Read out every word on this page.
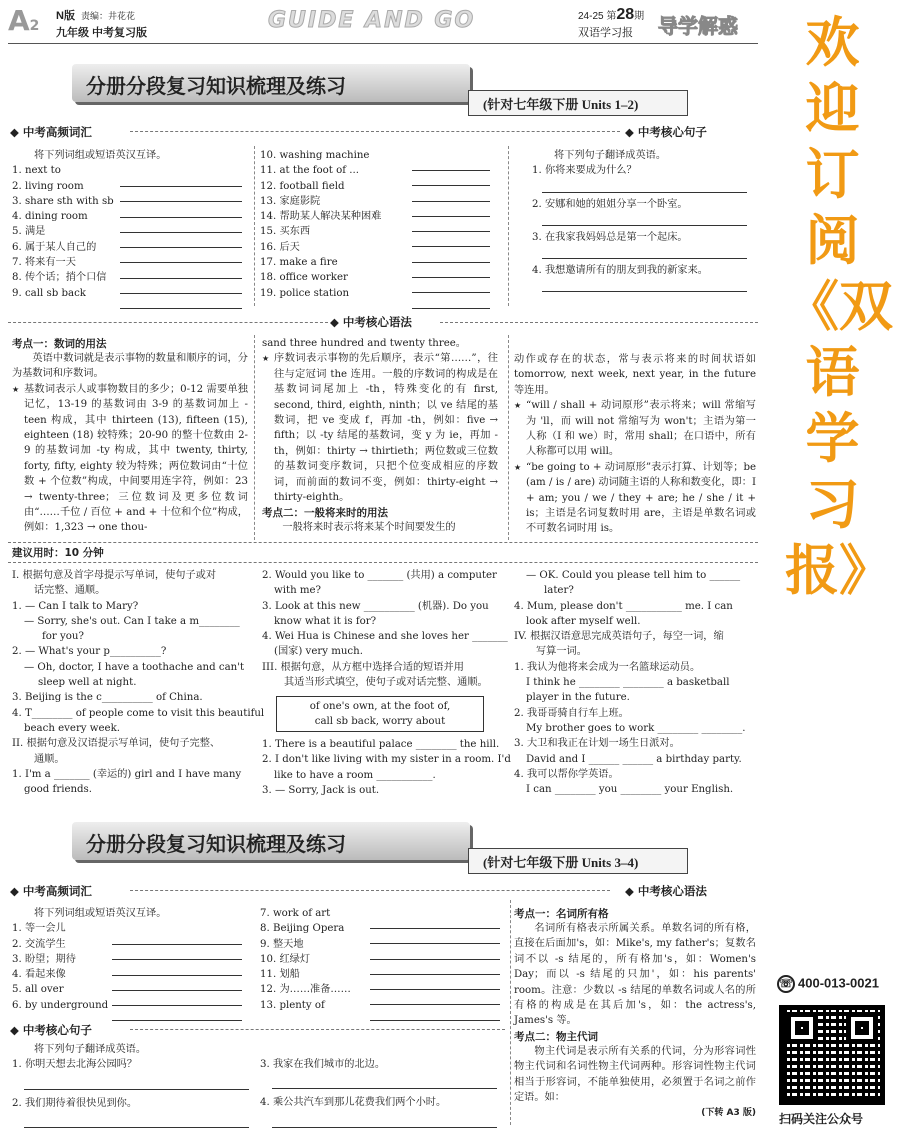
A2
N版 责编：井花花
九年级 中考复习版	GUIDE AND GO	24-25 第28期
双语学习报 导学解惑
分册分段复习知识梳理及练习
(针对七年级下册 Units 1–2)
◆ 中考高频词汇	◆ 中考核心句子
将下列词组或短语英汉互译。
1. next to
2. living room
3. share sth with sb
4. dining room
5. 满是
6. 属于某人自己的
7. 将来有一天
8. 传个话；捎个口信
9. call sb back
10. washing machine
11. at the foot of ...
12. football field
13. 家庭影院
14. 帮助某人解决某种困难
15. 买东西
16. 后天
17. make a fire
18. office worker
19. police station
将下列句子翻译成英语。
1. 你将来要成为什么？
2. 安娜和她的姐姐分享一个卧室。
3. 在我家我妈妈总是第一个起床。
4. 我想邀请所有的朋友到我的新家来。
◆ 中考核心语法

考点一：数词的用法

英语中数词就是表示事物的数量和顺序的词，分为基数词和序数词。

★ 基数词表示人或事物数目的多少；0-12 需要单独记忆，13-19 的基数词由 3-9 的基数词加上 -teen 构成，其中 thirteen (13), fifteen (15), eighteen (18) 较特殊；20-90 的整十位数由 2-9 的基数词加 -ty 构成，其中 twenty, thirty, forty, fifty, eighty 较为特殊；两位数词由“十位数 + 个位数”构成，中间要用连字符，例如：23 → twenty-three；三位数词及更多位数词由“……千位 / 百位 + and + 十位和个位”构成，例如：1,323 → one thou-

sand three hundred and twenty three。

★ 序数词表示事物的先后顺序，表示“第……”，往往与定冠词 the 连用。一般的序数词的构成是在基数词词尾加上 -th，特殊变化的有 first, second, third, eighth, ninth；以 ve 结尾的基数词，把 ve 变成 f，再加 -th，例如：five → fifth；以 -ty 结尾的基数词，变 y 为 ie，再加 -th，例如：thirty → thirtieth；两位数或三位数的基数词变序数词，只把个位变成相应的序数词，而前面的数词不变，例如：thirty-eight → thirty-eighth。

考点二：一般将来时的用法

一般将来时表示将来某个时间要发生的

动作或存在的状态，常与表示将来的时间状语如 tomorrow, next week, next year, in the future 等连用。

★ “will / shall + 动词原形”表示将来；will 常缩写为 'll，而 will not 常缩写为 won't；主语为第一人称（I 和 we）时，常用 shall；在口语中，所有人称都可以用 will。

★ “be going to + 动词原形”表示打算、计划等；be (am / is / are) 动词随主语的人称和数变化，即：I + am; you / we / they + are; he / she / it + is；主语是名词复数时用 are，主语是单数名词或不可数名词时用 is。

建议用时：10 分钟
I. 根据句意及首字母提示写单词，使句子或对
话完整、通顺。
1. — Can I talk to Mary?
— Sorry, she's out. Can I take a m________
for you?
2. — What's your p__________?
— Oh, doctor, I have a toothache and can't
sleep well at night.
3. Beijing is the c__________ of China.
4. T________ of people come to visit this beautiful
beach every week.
II. 根据句意及汉语提示写单词，使句子完整、
通顺。
1. I'm a _______ (幸运的) girl and I have many
good friends.
2. Would you like to _______ (共用) a computer
with me?
3. Look at this new __________ (机器). Do you
know what it is for?
4. Wei Hua is Chinese and she loves her _______
(国家) very much.
III. 根据句意，从方框中选择合适的短语并用
其适当形式填空，使句子或对话完整、通顺。
of one's own, at the foot of,
call sb back, worry about
1. There is a beautiful palace ________ the hill.
2. I don't like living with my sister in a room. I'd
like to have a room ___________.
3. — Sorry, Jack is out.
— OK. Could you please tell him to ______
later?
4. Mum, please don't ___________ me. I can
look after myself well.
IV. 根据汉语意思完成英语句子，每空一词，缩
写算一词。
1. 我认为他将来会成为一名篮球运动员。
I think he ________ ________ a basketball
player in the future.
2. 我哥哥骑自行车上班。
My brother goes to work ________ ________.
3. 大卫和我正在计划一场生日派对。
David and I ______ ______ a birthday party.
4. 我可以帮你学英语。
I can ________ you ________ your English.
分册分段复习知识梳理及练习
(针对七年级下册 Units 3–4)
◆ 中考高频词汇	◆ 中考核心语法
将下列词组或短语英汉互译。
1. 等一会儿
2. 交流学生
3. 盼望；期待
4. 看起来像
5. all over
6. by underground
7. work of art
8. Beijing Opera
9. 整天地
10. 红绿灯
11. 划船
12. 为……准备……
13. plenty of
◆ 中考核心句子
将下列句子翻译成英语。
1. 你明天想去北海公园吗？
2. 我们期待着很快见到你。
3. 我家在我们城市的北边。
4. 乘公共汽车到那儿花费我们两个小时。

考点一：名词所有格

名词所有格表示所属关系。单数名词的所有格，直接在后面加's，如：Mike's, my father's；复数名词不以 -s 结尾的，所有格加's，如：Women's Day；而以 -s 结尾的只加'，如：his parents' room。注意：少数以 -s 结尾的单数名词或人名的所有格的构成是在其后加's，如：the actress's, James's 等。

考点二：物主代词

物主代词是表示所有关系的代词，分为形容词性物主代词和名词性物主代词两种。形容词性物主代词相当于形容词，不能单独使用，必须置于名词之前作定语。如：

(下转 A3 版)

欢迎订阅《双语学习报》
☏ 400-013-0021
扫码关注公众号
